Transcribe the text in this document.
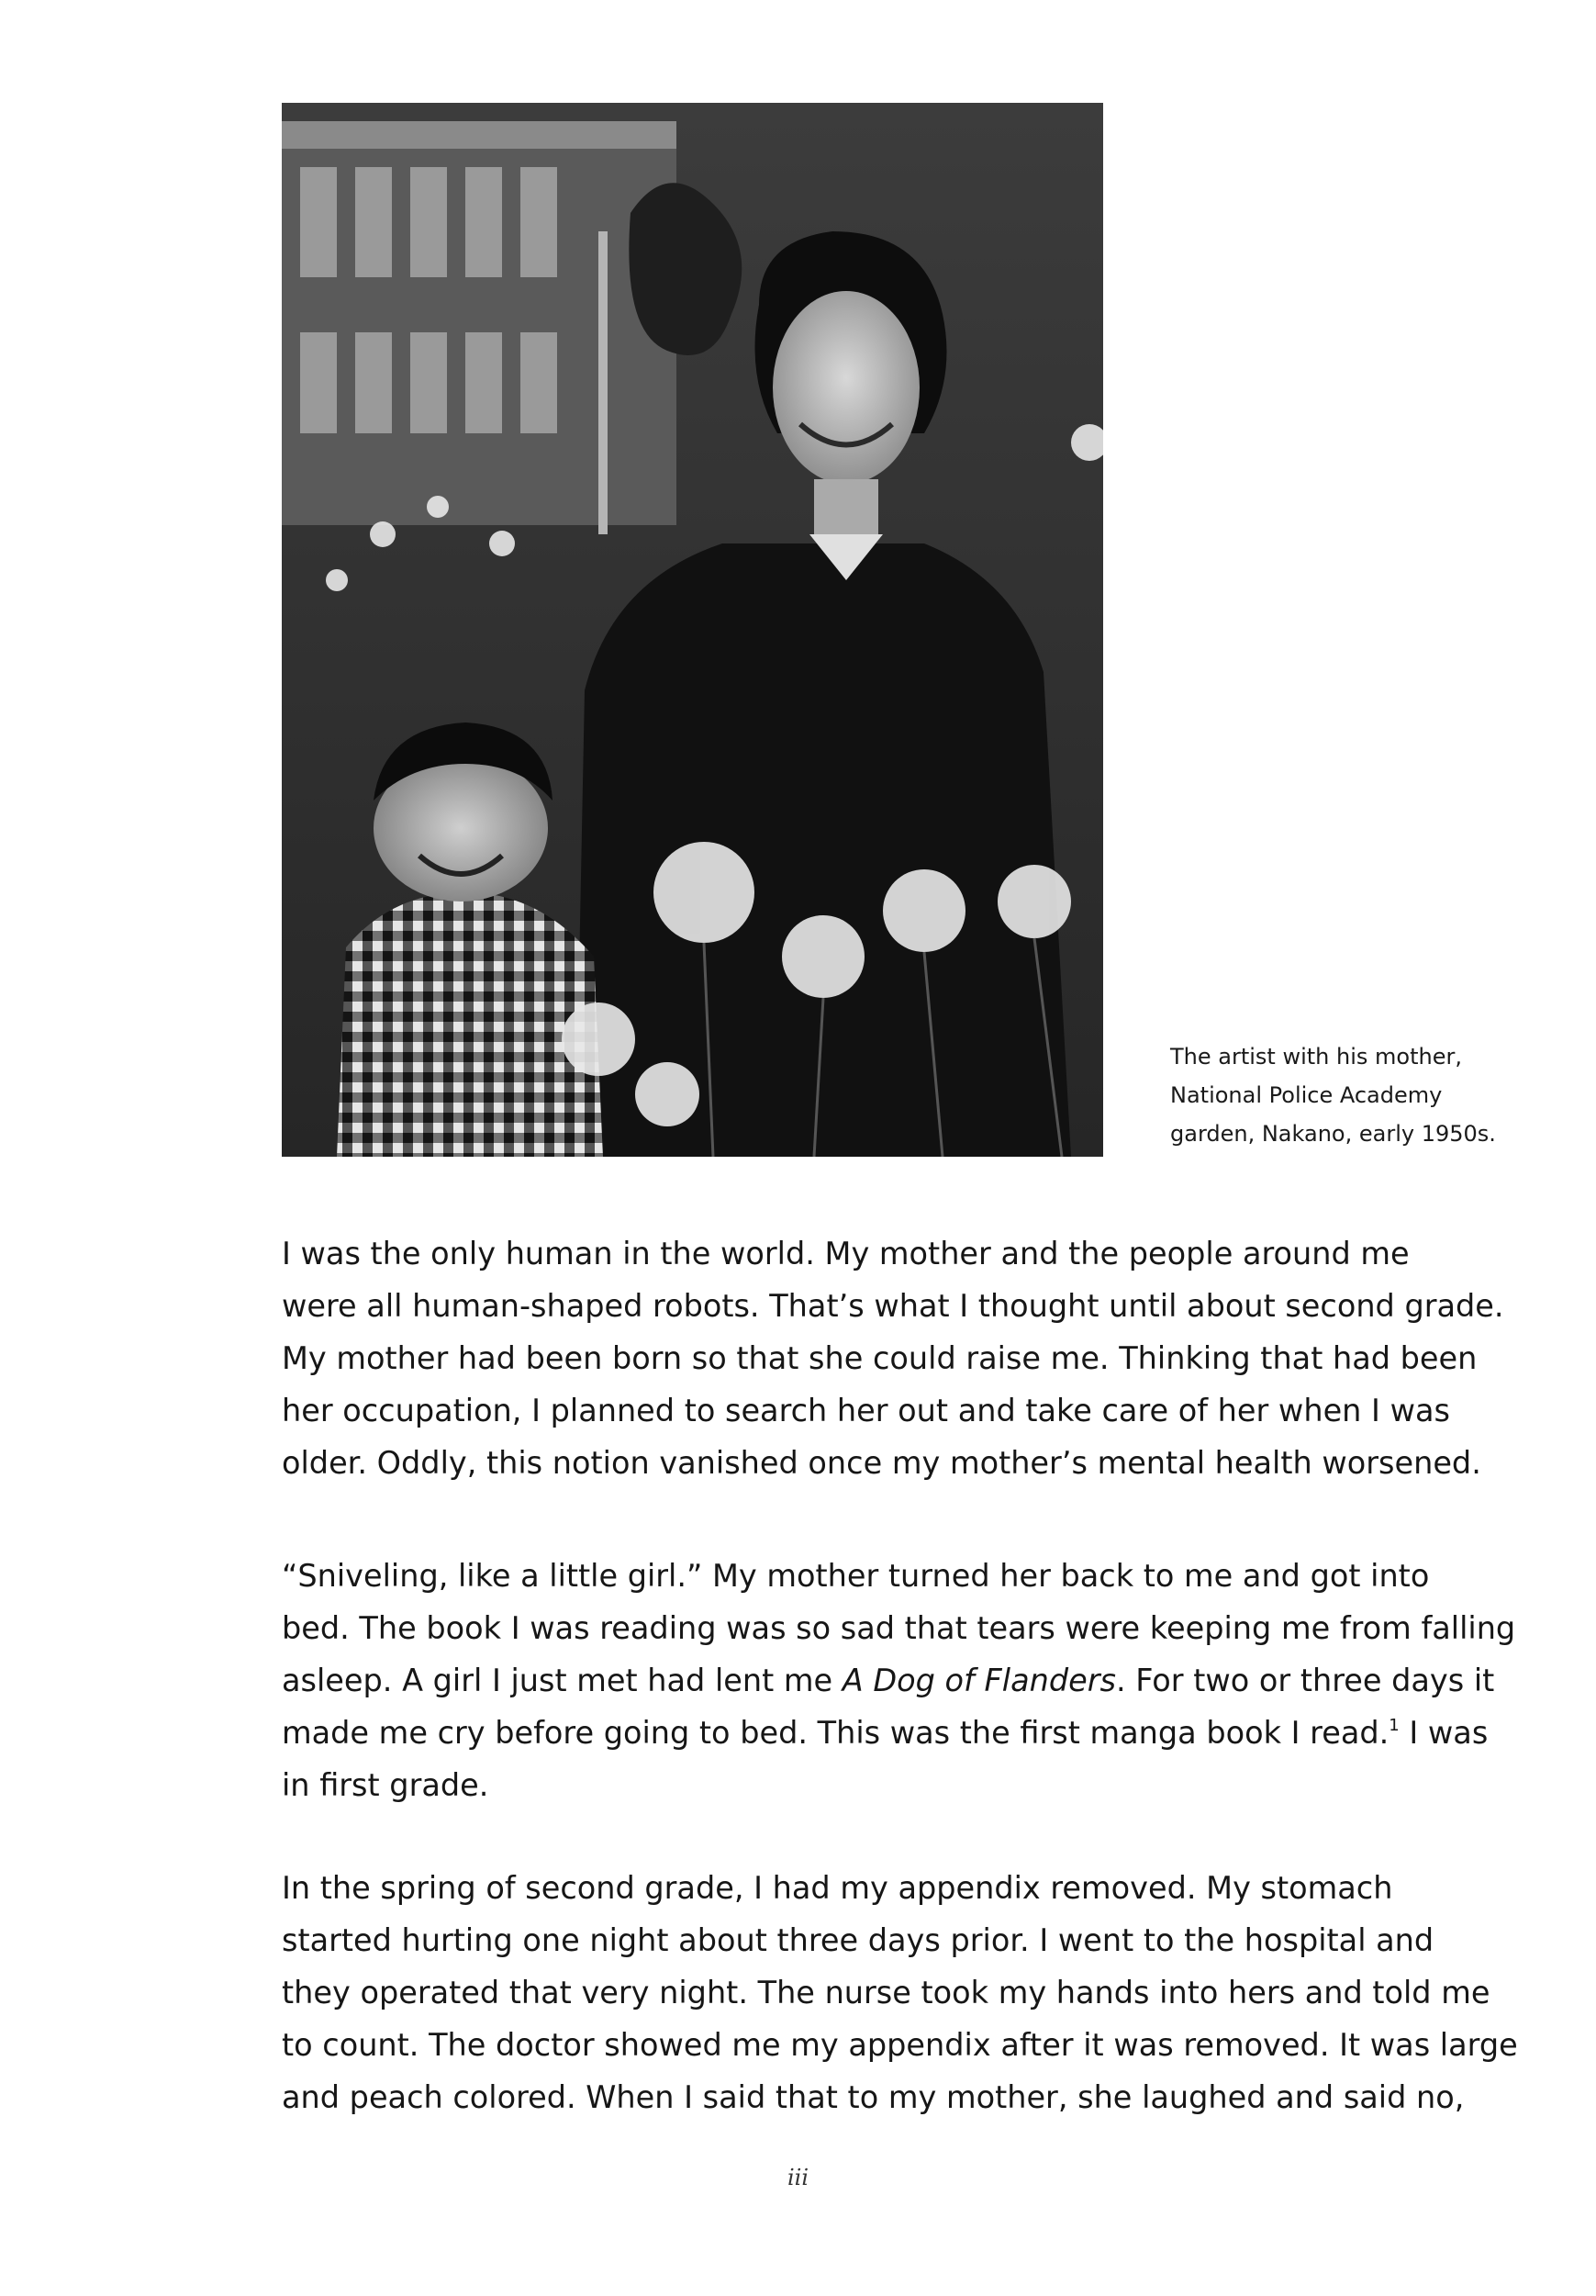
The artist with his mother,
National Police Academy
garden, Nakano, early 1950s.
I was the only human in the world. My mother and the people around me
were all human-shaped robots. That’s what I thought until about second grade.
My mother had been born so that she could raise me. Thinking that had been
her occupation, I planned to search her out and take care of her when I was
older. Oddly, this notion vanished once my mother’s mental health worsened.
“Sniveling, like a little girl.” My mother turned her back to me and got into
bed. The book I was reading was so sad that tears were keeping me from falling
asleep. A girl I just met had lent me A Dog of Flanders. For two or three days it
made me cry before going to bed. This was the first manga book I read.$^1$ I was
in first grade.
In the spring of second grade, I had my appendix removed. My stomach
started hurting one night about three days prior. I went to the hospital and
they operated that very night. The nurse took my hands into hers and told me
to count. The doctor showed me my appendix after it was removed. It was large
and peach colored. When I said that to my mother, she laughed and said no,
iii
